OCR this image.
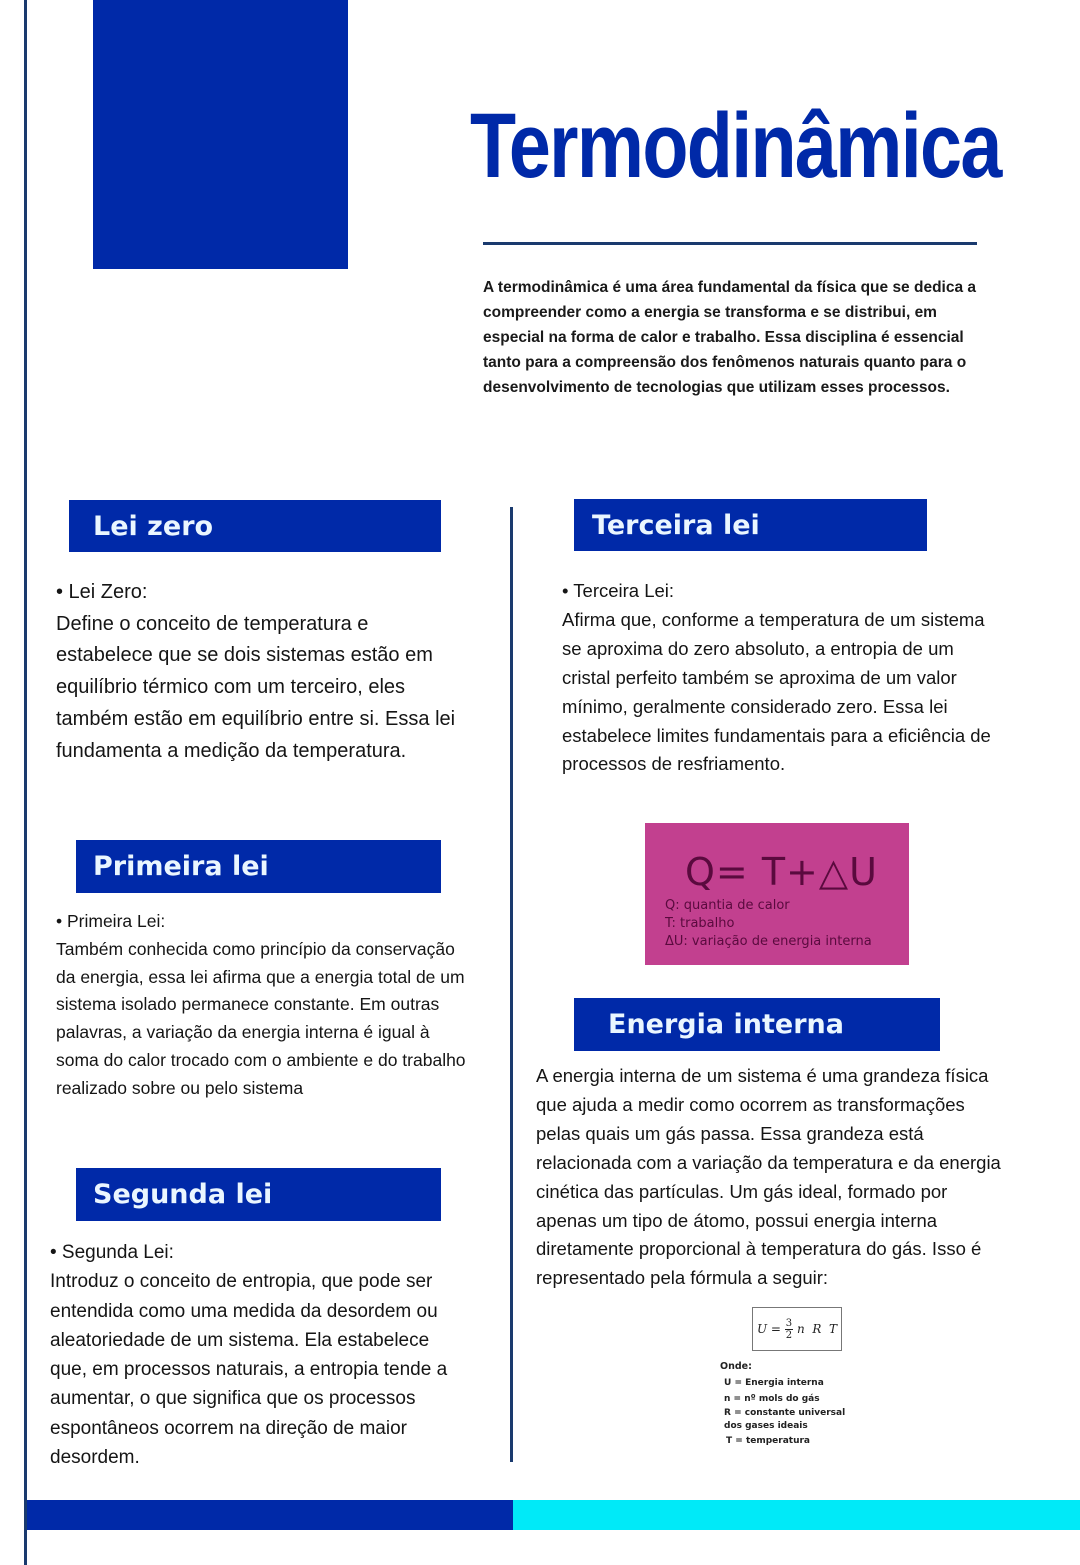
Termodinâmica

A termodinâmica é uma área fundamental da física que se dedica a compreender como a energia se transforma e se distribui, em especial na forma de calor e trabalho. Essa disciplina é essencial tanto para a compreensão dos fenômenos naturais quanto para o desenvolvimento de tecnologias que utilizam esses processos.

Lei zero
• Lei Zero:
Define o conceito de temperatura e estabelece que se dois sistemas estão em equilíbrio térmico com um terceiro, eles também estão em equilíbrio entre si. Essa lei fundamenta a medição da temperatura.
Primeira lei
• Primeira Lei:
Também conhecida como princípio da conservação da energia, essa lei afirma que a energia total de um sistema isolado permanece constante. Em outras palavras, a variação da energia interna é igual à soma do calor trocado com o ambiente e do trabalho realizado sobre ou pelo sistema
Segunda lei
• Segunda Lei:
Introduz o conceito de entropia, que pode ser entendida como uma medida da desordem ou aleatoriedade de um sistema. Ela estabelece que, em processos naturais, a entropia tende a aumentar, o que significa que os processos espontâneos ocorrem na direção de maior desordem.
Terceira lei
• Terceira Lei:
Afirma que, conforme a temperatura de um sistema se aproxima do zero absoluto, a entropia de um cristal perfeito também se aproxima de um valor mínimo, geralmente considerado zero. Essa lei estabelece limites fundamentais para a eficiência de processos de resfriamento.
Q= T+△U
Q: quantia de calor
T: trabalho
ΔU: variação de energia interna
Energia interna
A energia interna de um sistema é uma grandeza física que ajuda a medir como ocorrem as transformações pelas quais um gás passa. Essa grandeza está relacionada com a variação da temperatura e da energia cinética das partículas. Um gás ideal, formado por apenas um tipo de átomo, possui energia interna diretamente proporcional à temperatura do gás. Isso é representado pela fórmula a seguir:
$U = \frac{3}{2}$ n  R  T
Onde:
U = Energia interna
n = nº mols do gás
R = constante universal dos gases ideais
T = temperatura
